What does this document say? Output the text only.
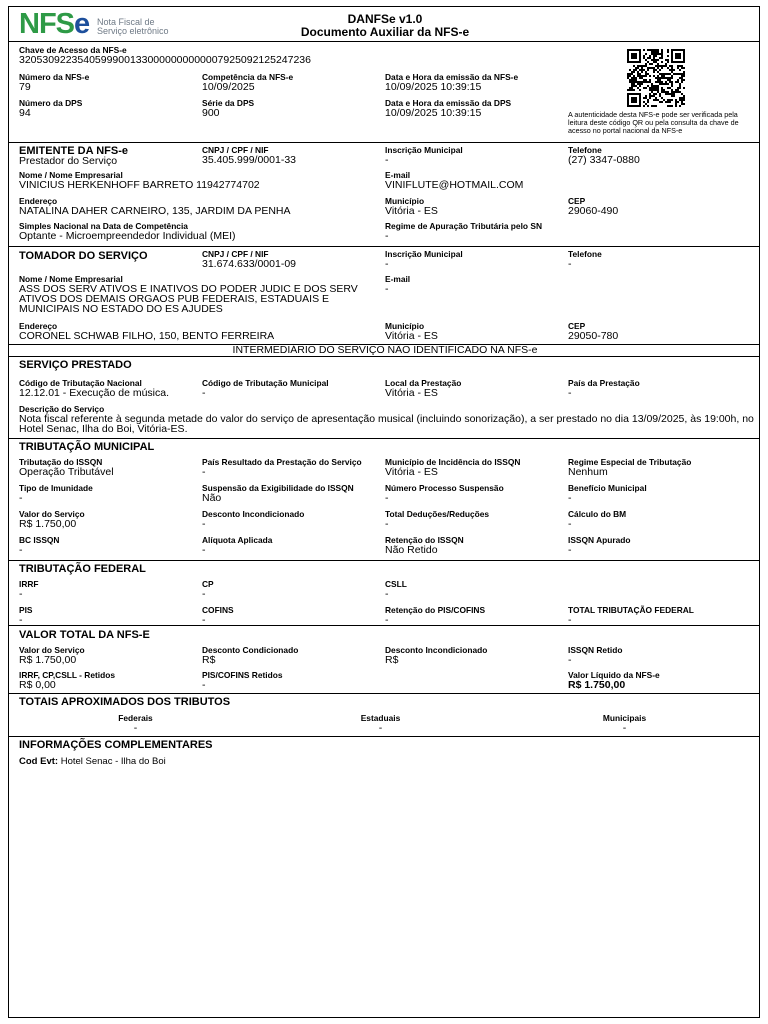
NFSe Nota Fiscal de
Serviço eletrônico
DANFSe v1.0
Documento Auxiliar da NFS-e
Chave de Acesso da NFS-e
32053092235405999001330000000000007925092125247236
Número da NFS-e
79
Competência da NFS-e
10/09/2025
Data e Hora da emissão da NFS-e
10/09/2025 10:39:15
Número da DPS
94
Série da DPS
900
Data e Hora da emissão da DPS
10/09/2025 10:39:15	A autenticidade desta NFS-e pode ser verificada pela leitura deste código QR ou pela consulta da chave de acesso no portal nacional da NFS-e
EMITENTE DA NFS-e
Prestador do Serviço
CNPJ / CPF / NIF
35.405.999/0001-33
Inscrição Municipal
-
Telefone
(27) 3347-0880
Nome / Nome Empresarial
VINICIUS HERKENHOFF BARRETO 11942774702
E-mail
VINIFLUTE@HOTMAIL.COM
Endereço
NATALINA DAHER CARNEIRO, 135, JARDIM DA PENHA
Município
Vitória - ES
CEP
29060-490
Simples Nacional na Data de Competência
Optante - Microempreendedor Individual (MEI)
Regime de Apuração Tributária pelo SN
-
TOMADOR DO SERVIÇO	CNPJ / CPF / NIF
31.674.633/0001-09
Inscrição Municipal
-
Telefone
-
Nome / Nome Empresarial
ASS DOS SERV ATIVOS E INATIVOS DO PODER JUDIC E DOS SERV
ATIVOS DOS DEMAIS ORGAOS PUB FEDERAIS, ESTADUAIS E
MUNICIPAIS NO ESTADO DO ES AJUDES
E-mail
-
Endereço
CORONEL SCHWAB FILHO, 150, BENTO FERREIRA
Município
Vitória - ES
CEP
29050-780
INTERMEDIÁRIO DO SERVIÇO NÃO IDENTIFICADO NA NFS-e
SERVIÇO PRESTADO
Código de Tributação Nacional
12.12.01 - Execução de música.
Código de Tributação Municipal
-
Local da Prestação
Vitória - ES
País da Prestação
-
Descrição do Serviço
Nota fiscal referente à segunda metade do valor do serviço de apresentação musical (incluindo sonorização), a ser prestado no dia 13/09/2025, às 19:00h, no
Hotel Senac, Ilha do Boi, Vitória-ES.
TRIBUTAÇÃO MUNICIPAL
Tributação do ISSQN
Operação Tributável
País Resultado da Prestação do Serviço
-
Município de Incidência do ISSQN
Vitória - ES
Regime Especial de Tributação
Nenhum
Tipo de Imunidade
-
Suspensão da Exigibilidade do ISSQN
Não
Número Processo Suspensão
-
Benefício Municipal
-
Valor do Serviço
R$ 1.750,00
Desconto Incondicionado
-
Total Deduções/Reduções
-
Cálculo do BM
-
BC ISSQN
-
Alíquota Aplicada
-
Retenção do ISSQN
Não Retido
ISSQN Apurado
-
TRIBUTAÇÃO FEDERAL
IRRF
-
CP
-
CSLL
-
PIS
-
COFINS
-
Retenção do PIS/COFINS
-
TOTAL TRIBUTAÇÃO FEDERAL
-
VALOR TOTAL DA NFS-E
Valor do Serviço
R$ 1.750,00
Desconto Condicionado
R$
Desconto Incondicionado
R$
ISSQN Retido
-
IRRF, CP,CSLL - Retidos
R$ 0,00
PIS/COFINS Retidos
-
Valor Líquido da NFS-e
R$ 1.750,00
TOTAIS APROXIMADOS DOS TRIBUTOS
Federais
-
Estaduais
-
Municipais
-
INFORMAÇÕES COMPLEMENTARES
Cod Evt: Hotel Senac - Ilha do Boi
